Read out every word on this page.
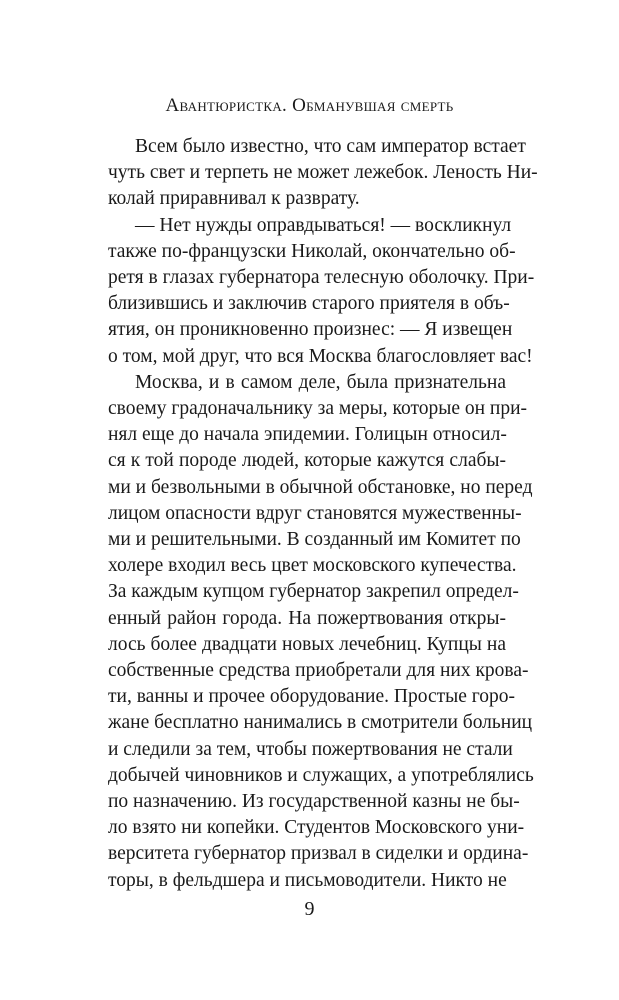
Авантюристка. Обманувшая смерть
Всем было известно, что сам император встает
чуть свет и терпеть не может лежебок. Леность Ни-
колай приравнивал к разврату.
— Нет нужды оправдываться! — воскликнул
также по-французски Николай, окончательно об-
ретя в глазах губернатора телесную оболочку. При-
близившись и заключив старого приятеля в объ-
ятия, он проникновенно произнес: — Я извещен
о том, мой друг, что вся Москва благословляет вас!
Москва, и в самом деле, была признательна
своему градоначальнику за меры, которые он при-
нял еще до начала эпидемии. Голицын относил-
ся к той породе людей, которые кажутся слабы-
ми и безвольными в обычной обстановке, но перед
лицом опасности вдруг становятся мужественны-
ми и решительными. В созданный им Комитет по
холере входил весь цвет московского купечества.
За каждым купцом губернатор закрепил определ-
енный район города. На пожертвования откры-
лось более двадцати новых лечебниц. Купцы на
собственные средства приобретали для них крова-
ти, ванны и прочее оборудование. Простые горо-
жане бесплатно нанимались в смотрители больниц
и следили за тем, чтобы пожертвования не стали
добычей чиновников и служащих, а употреблялись
по назначению. Из государственной казны не бы-
ло взято ни копейки. Студентов Московского уни-
верситета губернатор призвал в сиделки и ордина-
торы, в фельдшера и письмоводители. Никто не
9
